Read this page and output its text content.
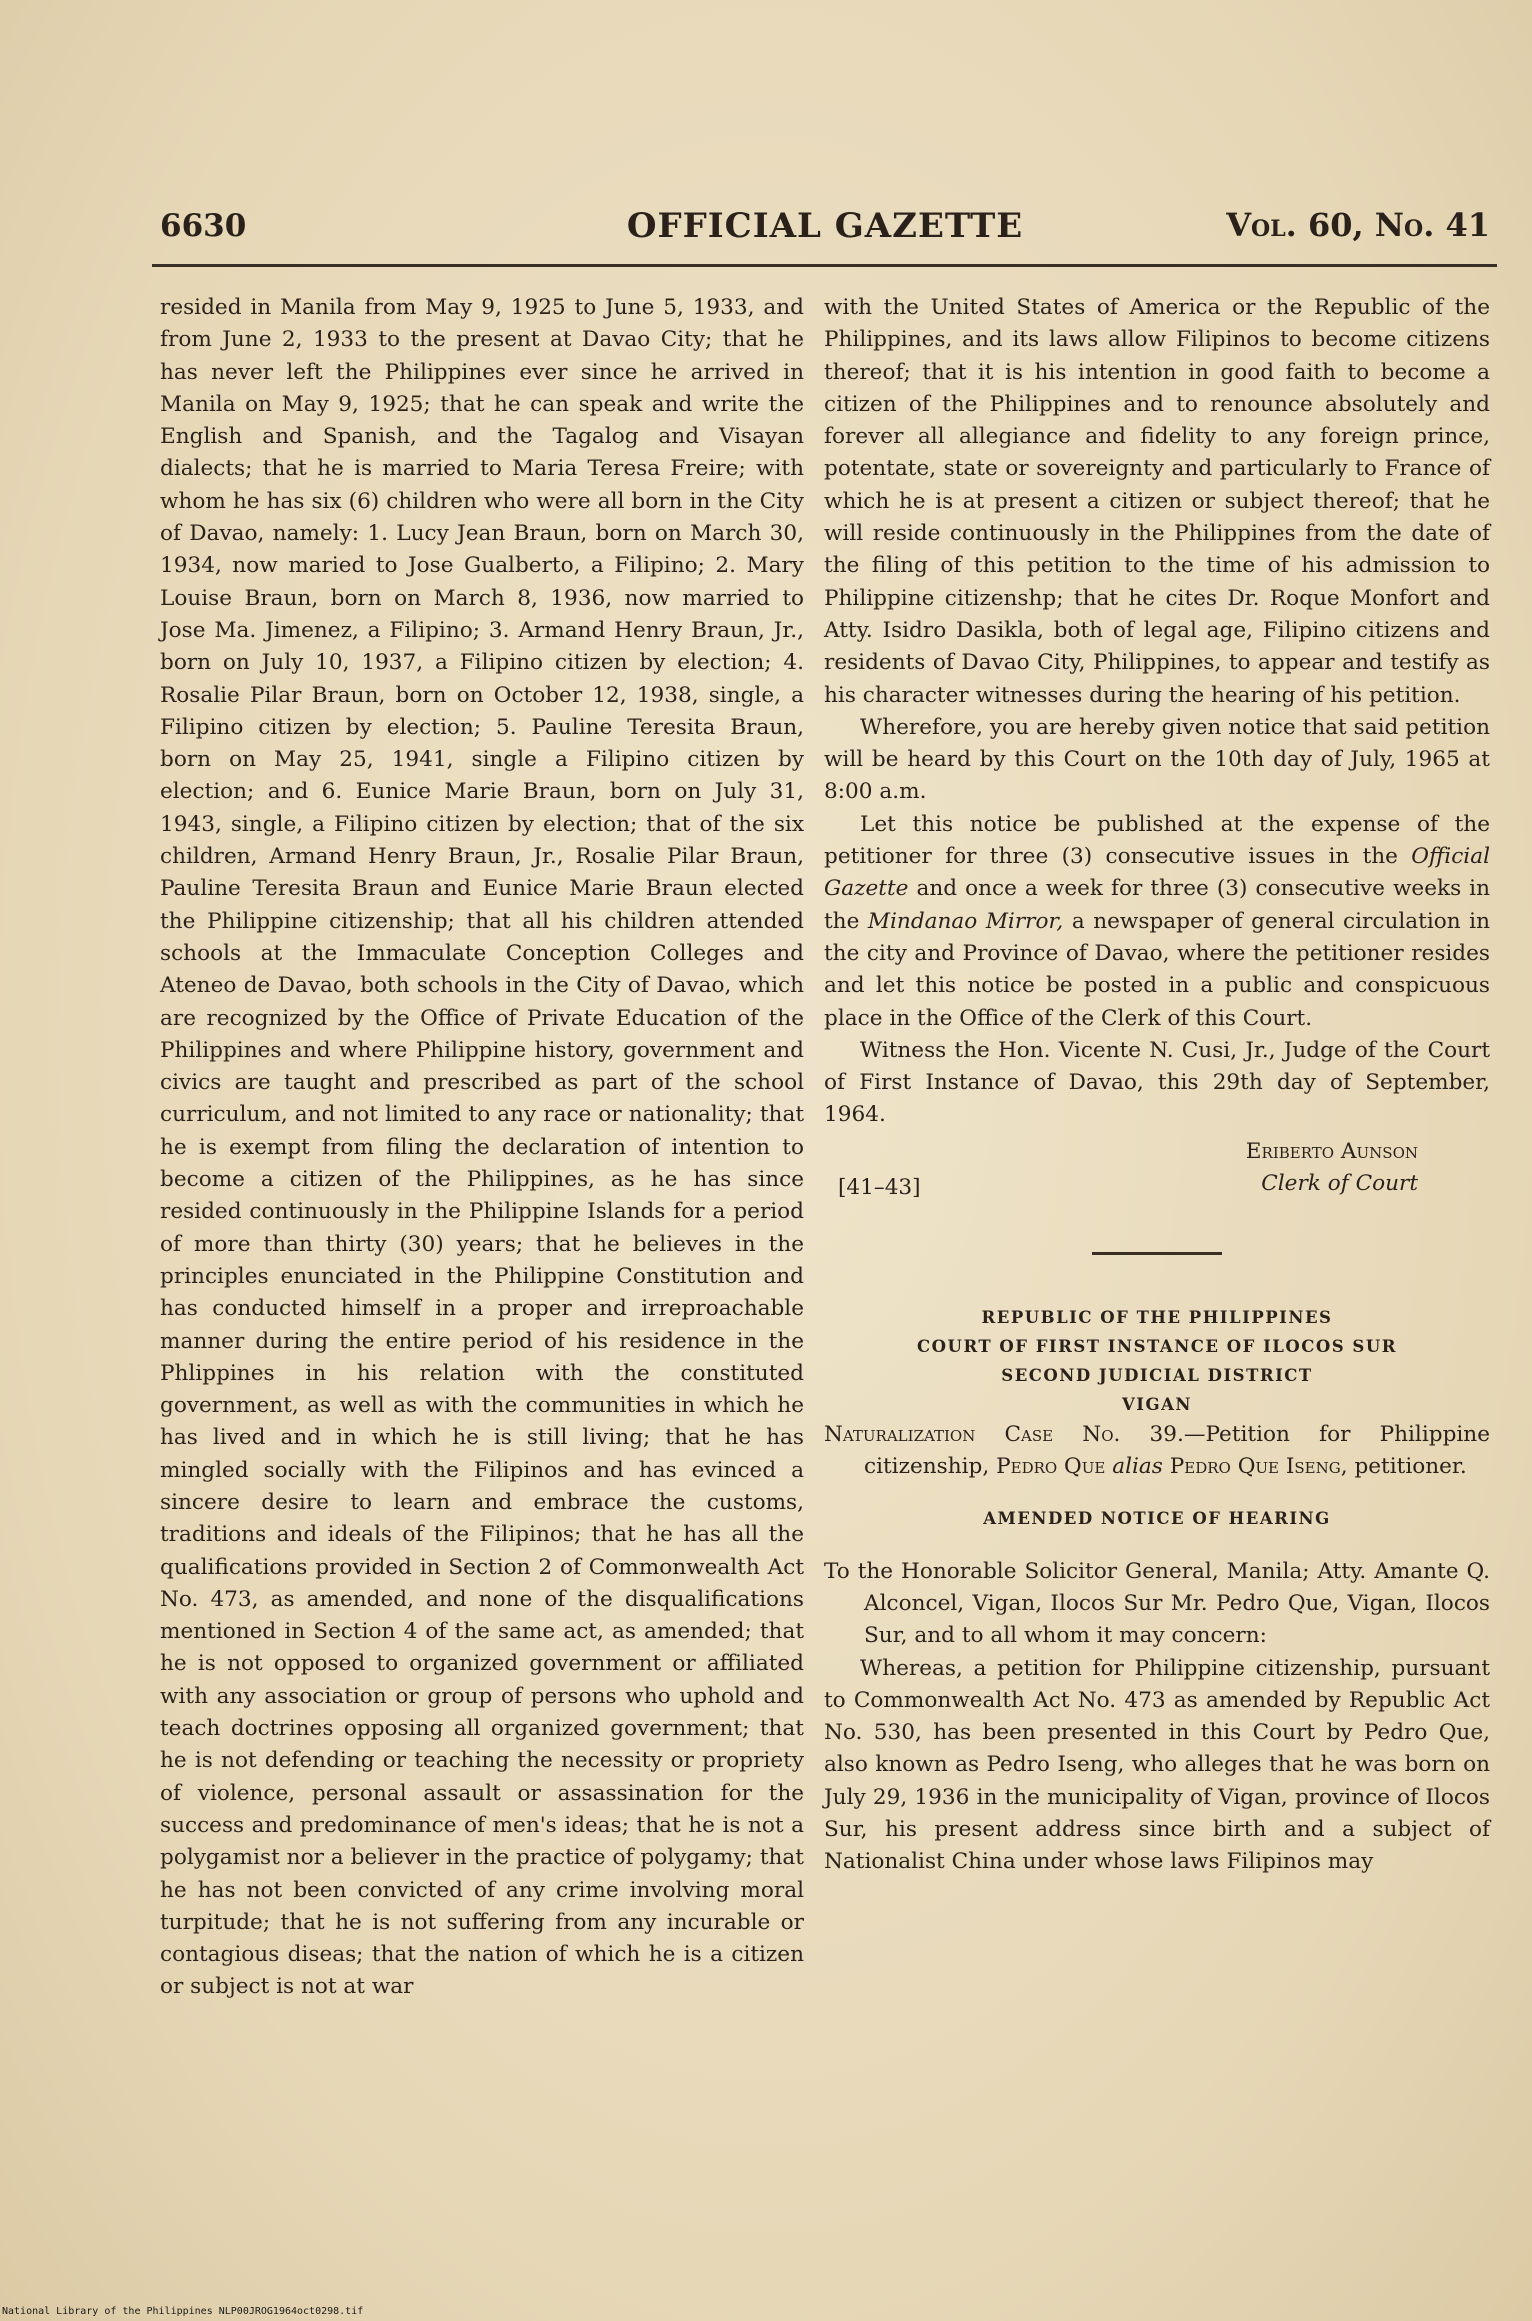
6630	OFFICIAL GAZETTE	Vol. 60, No. 41

resided in Manila from May 9, 1925 to June 5, 1933, and from June 2, 1933 to the present at Davao City; that he has never left the Philippines ever since he arrived in Manila on May 9, 1925; that he can speak and write the English and Spanish, and the Tagalog and Visayan dialects; that he is married to Maria Teresa Freire; with whom he has six (6) children who were all born in the City of Davao, namely: 1. Lucy Jean Braun, born on March 30, 1934, now maried to Jose Gualberto, a Filipino; 2. Mary Louise Braun, born on March 8, 1936, now married to Jose Ma. Jimenez, a Filipino; 3. Armand Henry Braun, Jr., born on July 10, 1937, a Filipino citizen by election; 4. Rosalie Pilar Braun, born on October 12, 1938, single, a Filipino citizen by election; 5. Pauline Teresita Braun, born on May 25, 1941, single a Filipino citizen by election; and 6. Eunice Marie Braun, born on July 31, 1943, single, a Filipino citizen by election; that of the six children, Armand Henry Braun, Jr., Rosalie Pilar Braun, Pauline Teresita Braun and Eunice Marie Braun elected the Philippine citizenship; that all his children attended schools at the Immaculate Conception Colleges and Ateneo de Davao, both schools in the City of Davao, which are recognized by the Office of Private Education of the Philippines and where Philippine history, government and civics are taught and prescribed as part of the school curriculum, and not limited to any race or nationality; that he is exempt from filing the declaration of intention to become a citizen of the Philippines, as he has since resided continuously in the Philippine Islands for a period of more than thirty (30) years; that he believes in the principles enunciated in the Philippine Constitution and has conducted himself in a proper and irreproachable manner during the entire period of his residence in the Phlippines in his relation with the constituted government, as well as with the communities in which he has lived and in which he is still living; that he has mingled socially with the Filipinos and has evinced a sincere desire to learn and embrace the customs, traditions and ideals of the Filipinos; that he has all the qualifications provided in Section 2 of Commonwealth Act No. 473, as amended, and none of the disqualifications mentioned in Section 4 of the same act, as amended; that he is not opposed to organized government or affiliated with any association or group of persons who uphold and teach doctrines opposing all organized government; that he is not defending or teaching the necessity or propriety of violence, personal assault or assassination for the success and predominance of men's ideas; that he is not a polygamist nor a believer in the practice of polygamy; that he has not been convicted of any crime involving moral turpitude; that he is not suffering from any incurable or contagious diseas; that the nation of which he is a citizen or subject is not at war

with the United States of America or the Republic of the Philippines, and its laws allow Filipinos to become citizens thereof; that it is his intention in good faith to become a citizen of the Philippines and to renounce absolutely and forever all allegiance and fidelity to any foreign prince, potentate, state or sovereignty and particularly to France of which he is at present a citizen or subject thereof; that he will reside continuously in the Philippines from the date of the filing of this petition to the time of his admission to Philippine citizenshp; that he cites Dr. Roque Monfort and Atty. Isidro Dasikla, both of legal age, Filipino citizens and residents of Davao City, Philippines, to appear and testify as his character witnesses during the hearing of his petition.

Wherefore, you are hereby given notice that said petition will be heard by this Court on the 10th day of July, 1965 at 8:00 a.m.

Let this notice be published at the expense of the petitioner for three (3) consecutive issues in the Official Gazette and once a week for three (3) consecutive weeks in the Mindanao Mirror, a newspaper of general circulation in the city and Province of Davao, where the petitioner resides and let this notice be posted in a public and conspicuous place in the Office of the Clerk of this Court.

Witness the Hon. Vicente N. Cusi, Jr., Judge of the Court of First Instance of Davao, this 29th day of September, 1964.

Eriberto Aunson
Clerk of Court
[41–43]
REPUBLIC OF THE PHILIPPINES
COURT OF FIRST INSTANCE OF ILOCOS SUR
SECOND JUDICIAL DISTRICT
VIGAN

Naturalization Case No. 39.—Petition for Philippine citizenship, Pedro Que alias Pedro Que Iseng, petitioner.

AMENDED NOTICE OF HEARING

To the Honorable Solicitor General, Manila; Atty. Amante Q. Alconcel, Vigan, Ilocos Sur Mr. Pedro Que, Vigan, Ilocos Sur, and to all whom it may concern:

Whereas, a petition for Philippine citizenship, pursuant to Commonwealth Act No. 473 as amended by Republic Act No. 530, has been presented in this Court by Pedro Que, also known as Pedro Iseng, who alleges that he was born on July 29, 1936 in the municipality of Vigan, province of Ilocos Sur, his present address since birth and a subject of Nationalist China under whose laws Filipinos may

National Library of the Philippines NLP00JROG1964oct0298.tif
